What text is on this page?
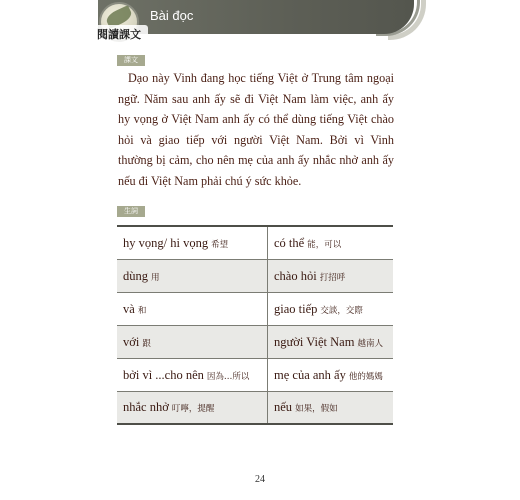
Bài đọc
閱讀課文
課文

Dạo này Vinh đang học tiếng Việt ở Trung tâm ngoại ngữ. Năm sau anh ấy sẽ đi Việt Nam làm việc, anh ấy hy vọng ở Việt Nam anh ấy có thể dùng tiếng Việt chào hỏi và giao tiếp với người Việt Nam. Bởi vì Vinh thường bị cảm, cho nên mẹ của anh ấy nhắc nhở anh ấy nếu đi Việt Nam phải chú ý sức khỏe.

生詞
hy vọng/ hi vọng 希望	có thể 能，可以
dùng 用	chào hỏi 打招呼
và 和	giao tiếp 交談，交際
với 跟	người Việt Nam 越南人
bởi vì ...cho nên 因為…所以	mẹ của anh ấy 他的媽媽
nhắc nhở 叮嚀，提醒	nếu 如果，假如
24
